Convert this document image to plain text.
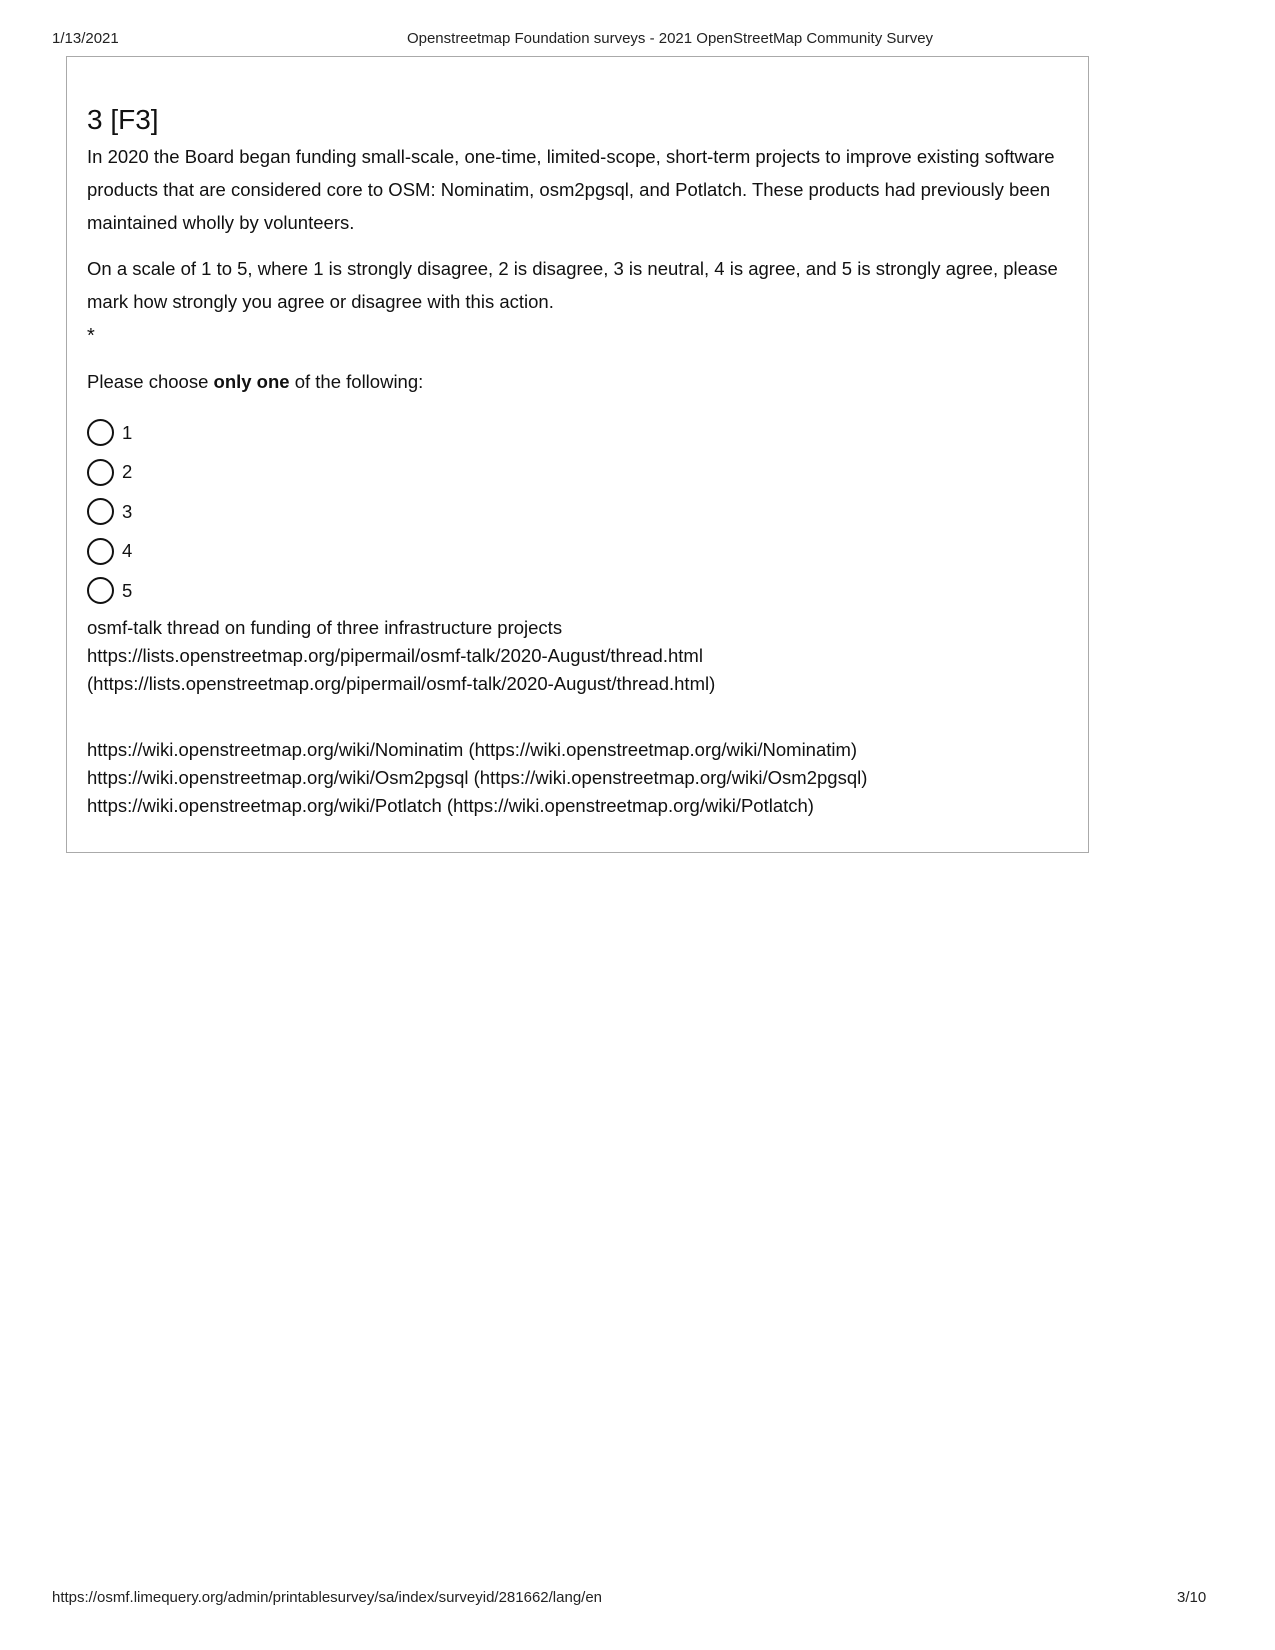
1/13/2021	Openstreetmap Foundation surveys - 2021 OpenStreetMap Community Survey
3 [F3]

In 2020 the Board began funding small-scale, one-time, limited-scope, short-term projects to improve existing software products that are considered core to OSM: Nominatim, osm2pgsql, and Potlatch. These products had previously been maintained wholly by volunteers.

On a scale of 1 to 5, where 1 is strongly disagree, 2 is disagree, 3 is neutral, 4 is agree, and 5 is strongly agree, please mark how strongly you agree or disagree with this action.

*

Please choose only one of the following:

1
2
3
4
5
osmf-talk thread on funding of three infrastructure projects
https://lists.openstreetmap.org/pipermail/osmf-talk/2020-August/thread.html
(https://lists.openstreetmap.org/pipermail/osmf-talk/2020-August/thread.html)
https://wiki.openstreetmap.org/wiki/Nominatim (https://wiki.openstreetmap.org/wiki/Nominatim)
https://wiki.openstreetmap.org/wiki/Osm2pgsql (https://wiki.openstreetmap.org/wiki/Osm2pgsql)
https://wiki.openstreetmap.org/wiki/Potlatch (https://wiki.openstreetmap.org/wiki/Potlatch)
https://osmf.limequery.org/admin/printablesurvey/sa/index/surveyid/281662/lang/en	3/10
